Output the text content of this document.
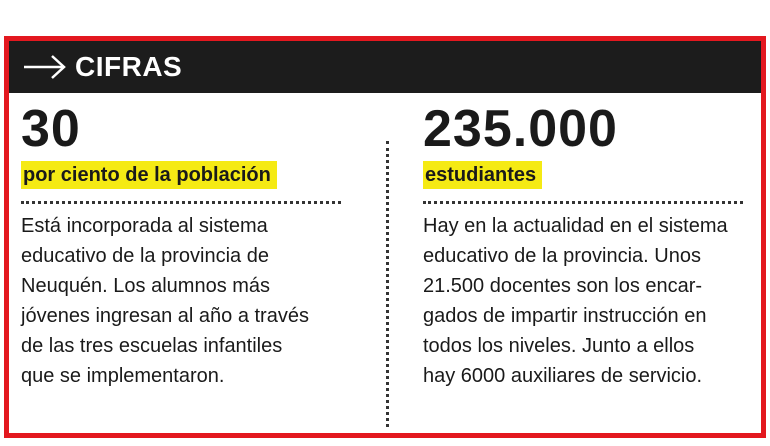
CIFRAS
30
por ciento de la población
Está incorporada al sistema
educativo de la provincia de
Neuquén. Los alumnos más
jóvenes ingresan al año a través
de las tres escuelas infantiles
que se implementaron.
235.000
estudiantes
Hay en la actualidad en el sistema
educativo de la provincia. Unos
21.500 docentes son los encar-
gados de impartir instrucción en
todos los niveles. Junto a ellos
hay 6000 auxiliares de servicio.
